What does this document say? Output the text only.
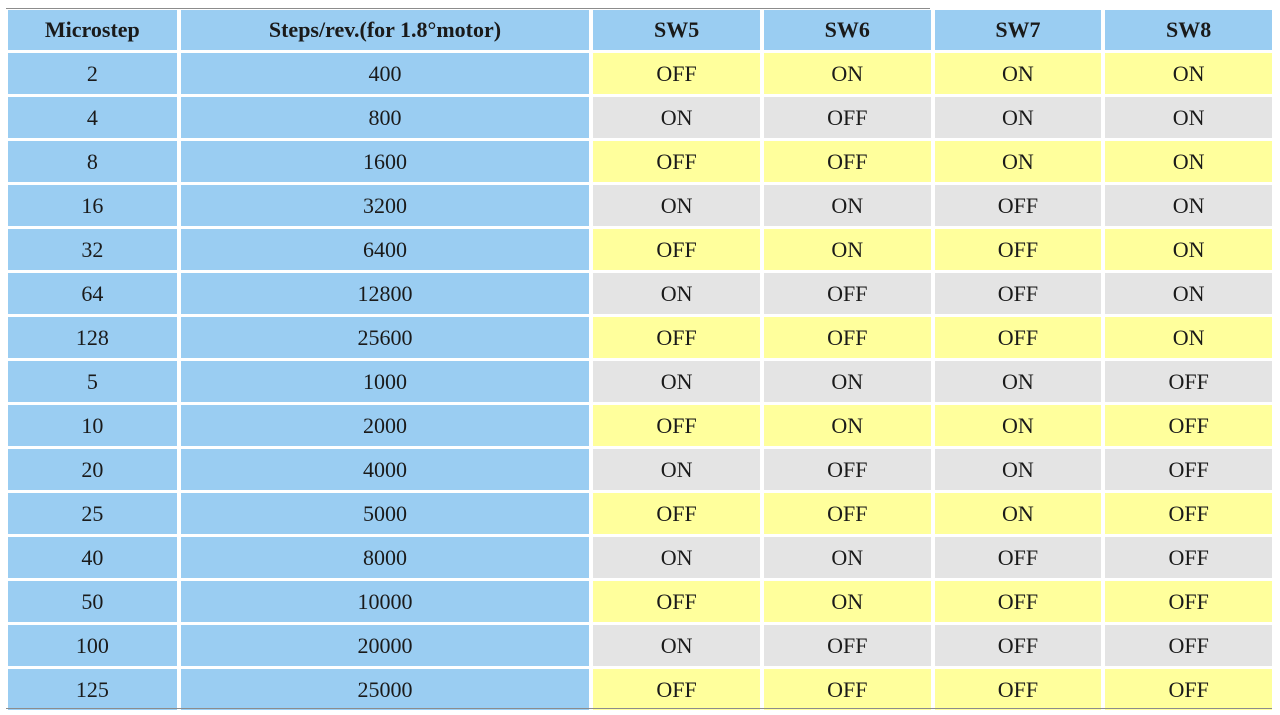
Microstep	Steps/rev.(for 1.8°motor)	SW5	SW6	SW7	SW8
2	400	OFF	ON	ON	ON
4	800	ON	OFF	ON	ON
8	1600	OFF	OFF	ON	ON
16	3200	ON	ON	OFF	ON
32	6400	OFF	ON	OFF	ON
64	12800	ON	OFF	OFF	ON
128	25600	OFF	OFF	OFF	ON
5	1000	ON	ON	ON	OFF
10	2000	OFF	ON	ON	OFF
20	4000	ON	OFF	ON	OFF
25	5000	OFF	OFF	ON	OFF
40	8000	ON	ON	OFF	OFF
50	10000	OFF	ON	OFF	OFF
100	20000	ON	OFF	OFF	OFF
125	25000	OFF	OFF	OFF	OFF
